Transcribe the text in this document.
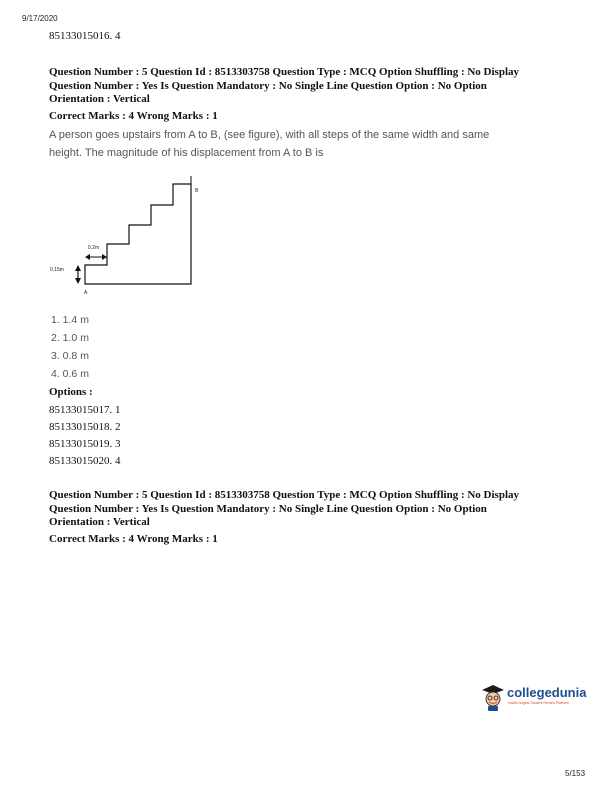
9/17/2020
85133015016. 4
Question Number : 5 Question Id : 8513303758 Question Type : MCQ Option Shuffling : No Display
Question Number : Yes Is Question Mandatory : No Single Line Question Option : No Option
Orientation : Vertical
Correct Marks : 4 Wrong Marks : 1
A person goes upstairs from A to B, (see figure), with all steps of the same width and same
height. The magnitude of his displacement from A to B is
B
0.2m
0.15m
A
1. 1.4 m
2. 1.0 m
3. 0.8 m
4. 0.6 m
Options :
85133015017. 1
85133015018. 2
85133015019. 3
85133015020. 4
Question Number : 5 Question Id : 8513303758 Question Type : MCQ Option Shuffling : No Display
Question Number : Yes Is Question Mandatory : No Single Line Question Option : No Option
Orientation : Vertical
Correct Marks : 4 Wrong Marks : 1
collegedunia
India's largest Student Review Platform
5/153
